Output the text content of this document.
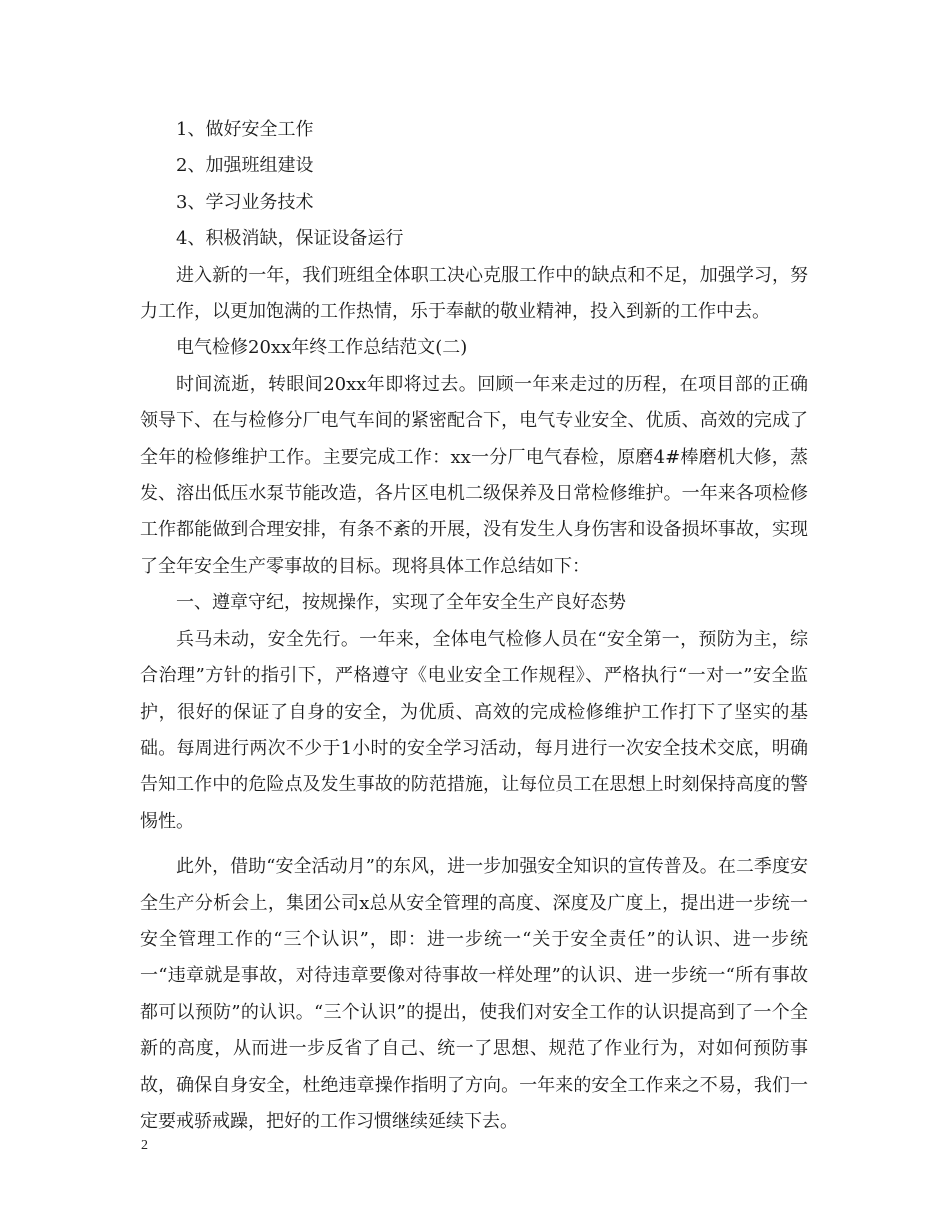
1、做好安全工作
2、加强班组建设
3、学习业务技术
4、积极消缺，保证设备运行

进入新的一年，我们班组全体职工决心克服工作中的缺点和不足，加强学习，努力工作，以更加饱满的工作热情，乐于奉献的敬业精神，投入到新的工作中去。

电气检修20xx年终工作总结范文(二)

时间流逝，转眼间20xx年即将过去。回顾一年来走过的历程，在项目部的正确领导下、在与检修分厂电气车间的紧密配合下，电气专业安全、优质、高效的完成了全年的检修维护工作。主要完成工作：xx一分厂电气春检，原磨4#棒磨机大修，蒸发、溶出低压水泵节能改造，各片区电机二级保养及日常检修维护。一年来各项检修工作都能做到合理安排，有条不紊的开展，没有发生人身伤害和设备损坏事故，实现了全年安全生产零事故的目标。现将具体工作总结如下：

一、遵章守纪，按规操作，实现了全年安全生产良好态势

兵马未动，安全先行。一年来，全体电气检修人员在“安全第一，预防为主，综合治理”方针的指引下，严格遵守《电业安全工作规程》、严格执行“一对一”安全监护，很好的保证了自身的安全，为优质、高效的完成检修维护工作打下了坚实的基础。每周进行两次不少于1小时的安全学习活动，每月进行一次安全技术交底，明确告知工作中的危险点及发生事故的防范措施，让每位员工在思想上时刻保持高度的警惕性。

此外，借助“安全活动月”的东风，进一步加强安全知识的宣传普及。在二季度安全生产分析会上，集团公司x总从安全管理的高度、深度及广度上，提出进一步统一安全管理工作的“三个认识”，即：进一步统一“关于安全责任”的认识、进一步统一“违章就是事故，对待违章要像对待事故一样处理”的认识、进一步统一“所有事故都可以预防”的认识。“三个认识”的提出，使我们对安全工作的认识提高到了一个全新的高度，从而进一步反省了自己、统一了思想、规范了作业行为，对如何预防事故，确保自身安全，杜绝违章操作指明了方向。一年来的安全工作来之不易，我们一定要戒骄戒躁，把好的工作习惯继续延续下去。

2
